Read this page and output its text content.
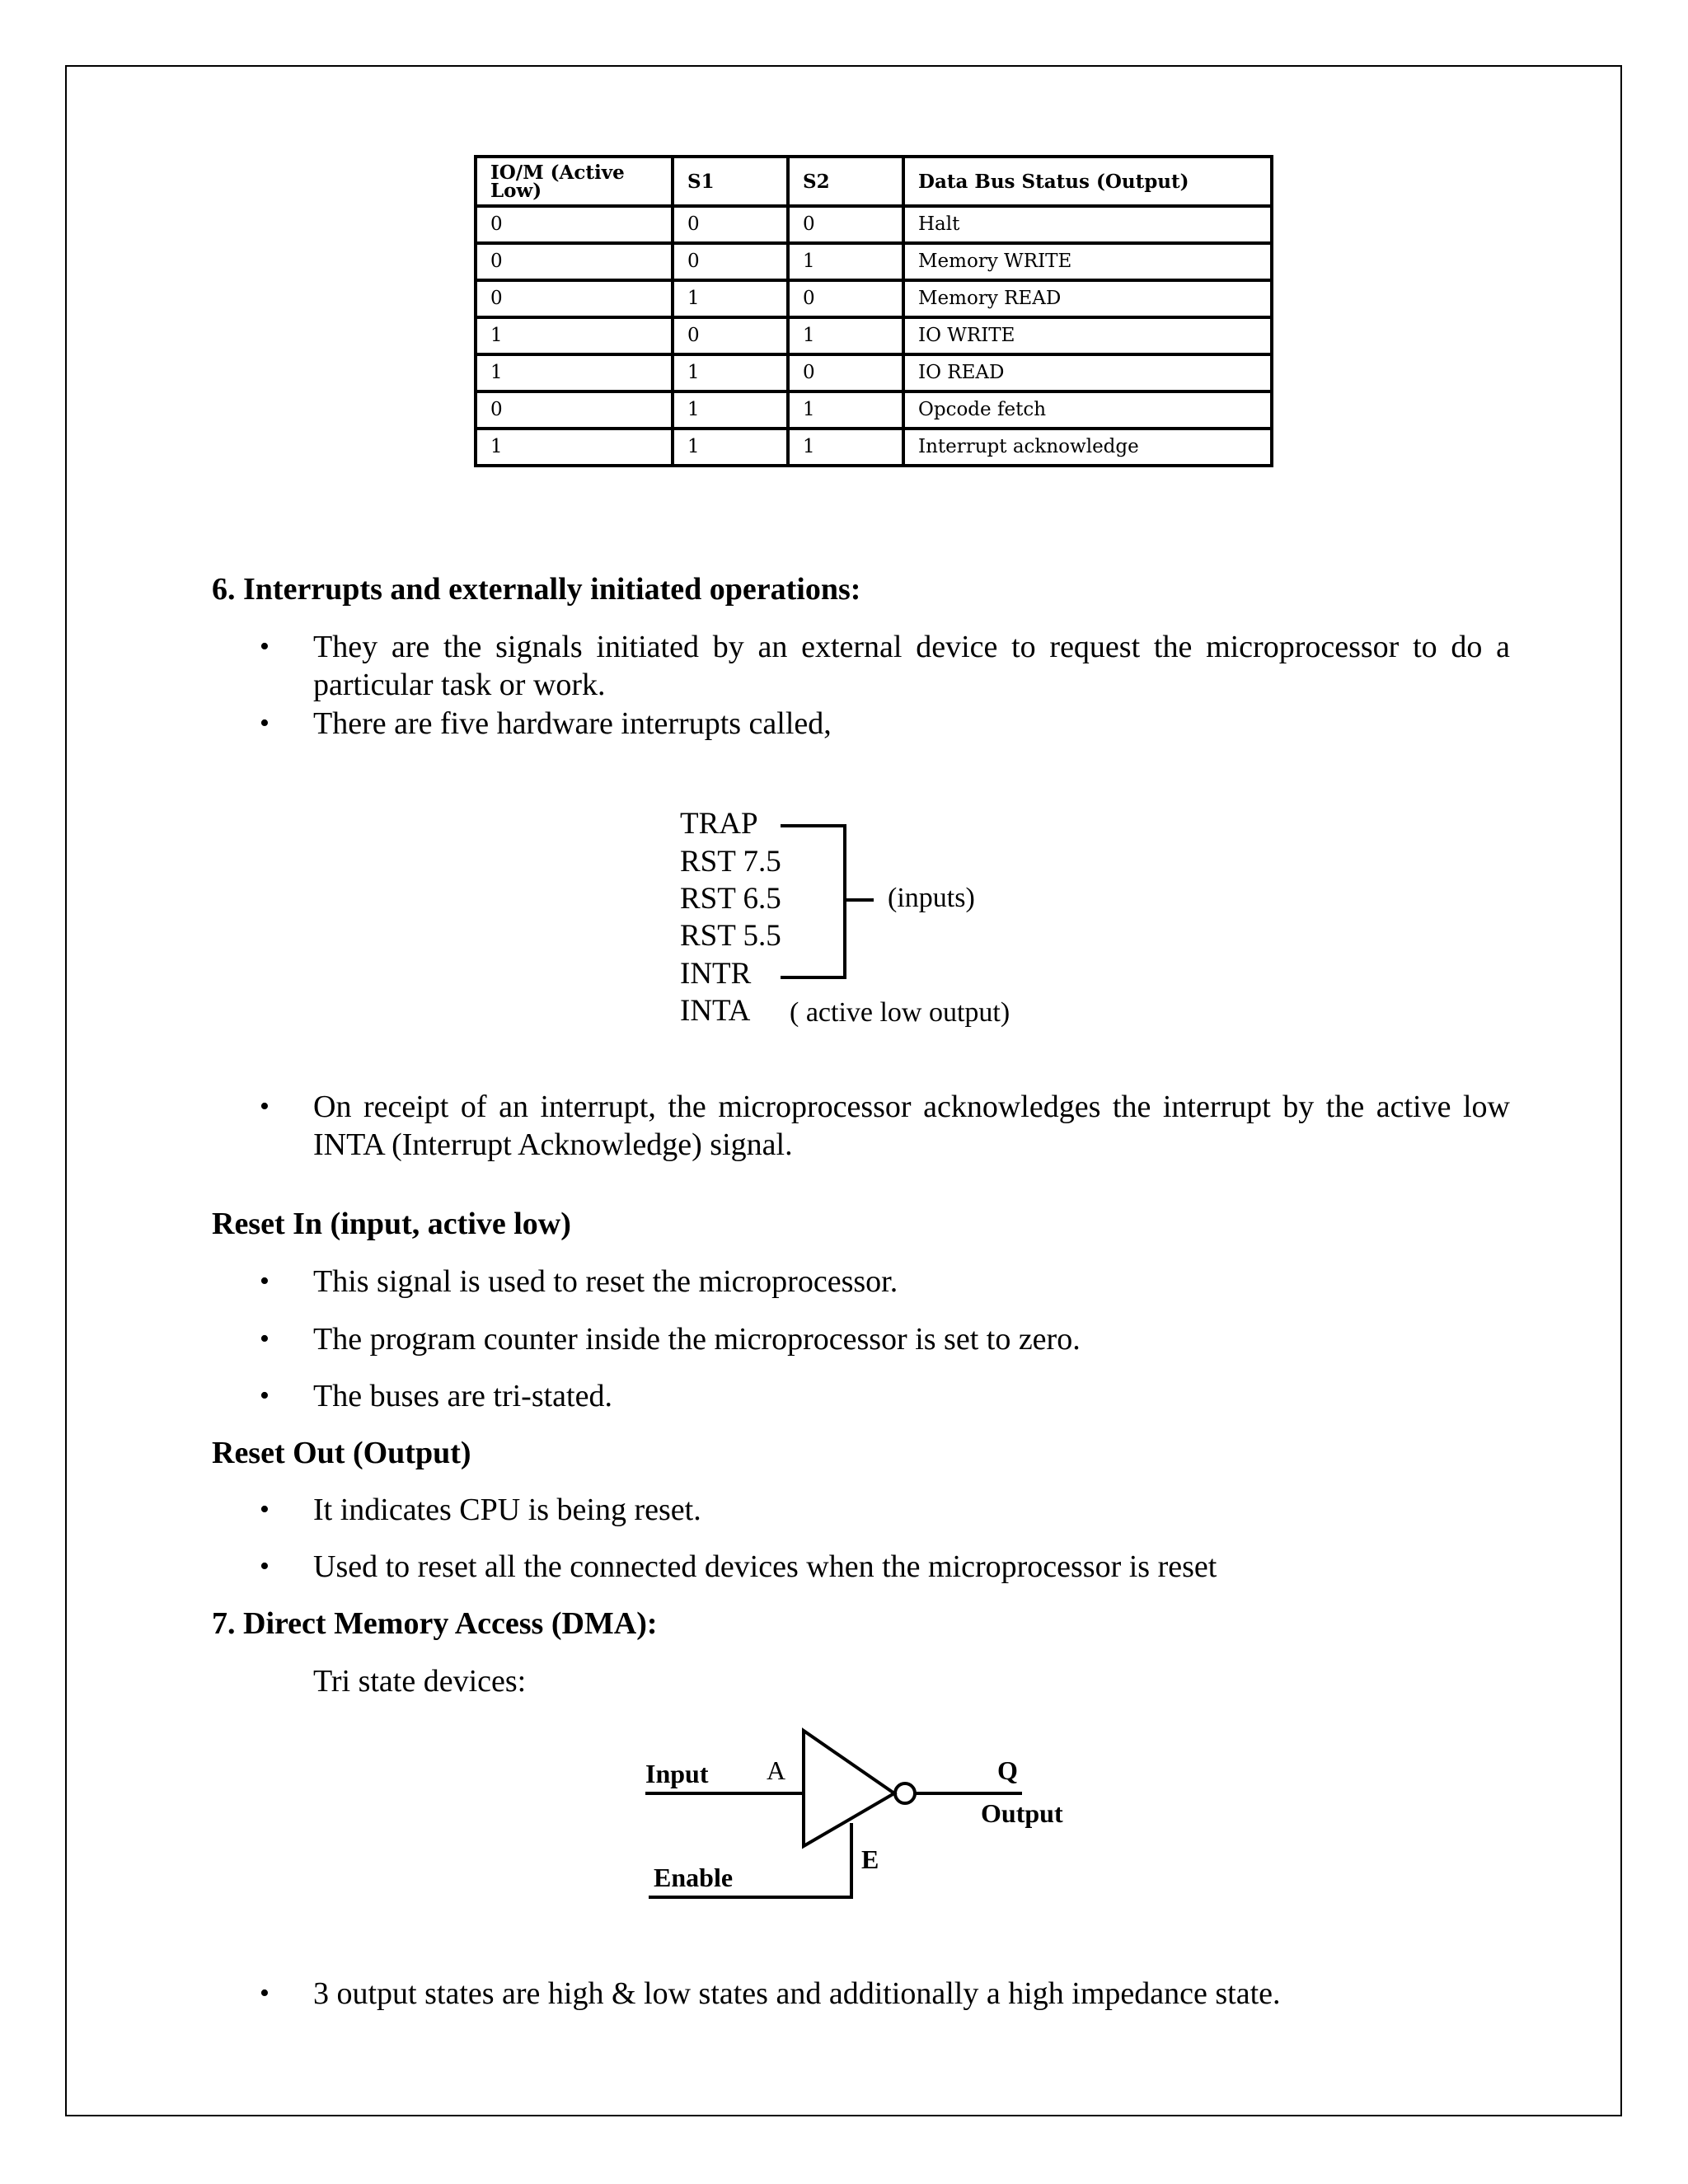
IO/M (Active Low)	S1	S2	Data Bus Status (Output)
0	0	0	Halt
0	0	1	Memory WRITE
0	1	0	Memory READ
1	0	1	IO WRITE
1	1	0	IO READ
0	1	1	Opcode fetch
1	1	1	Interrupt acknowledge
6. Interrupts and externally initiated operations:
• They are the signals initiated by an external device to request the microprocessor to do a particular task or work.
• There are five hardware interrupts called,
TRAP
RST 7.5
RST 6.5
RST 5.5
INTR
INTA ( active low output)
(inputs)
• On receipt of an interrupt, the microprocessor acknowledges the interrupt by the active low INTA (Interrupt Acknowledge) signal.
Reset In (input, active low)
• This signal is used to reset the microprocessor.
• The program counter inside the microprocessor is set to zero.
• The buses are tri-stated.
Reset Out (Output)
• It indicates CPU is being reset.
• Used to reset all the connected devices when the microprocessor is reset
7. Direct Memory Access (DMA):
Tri state devices:
Input A	Q
Output
E
Enable
• 3 output states are high & low states and additionally a high impedance state.
